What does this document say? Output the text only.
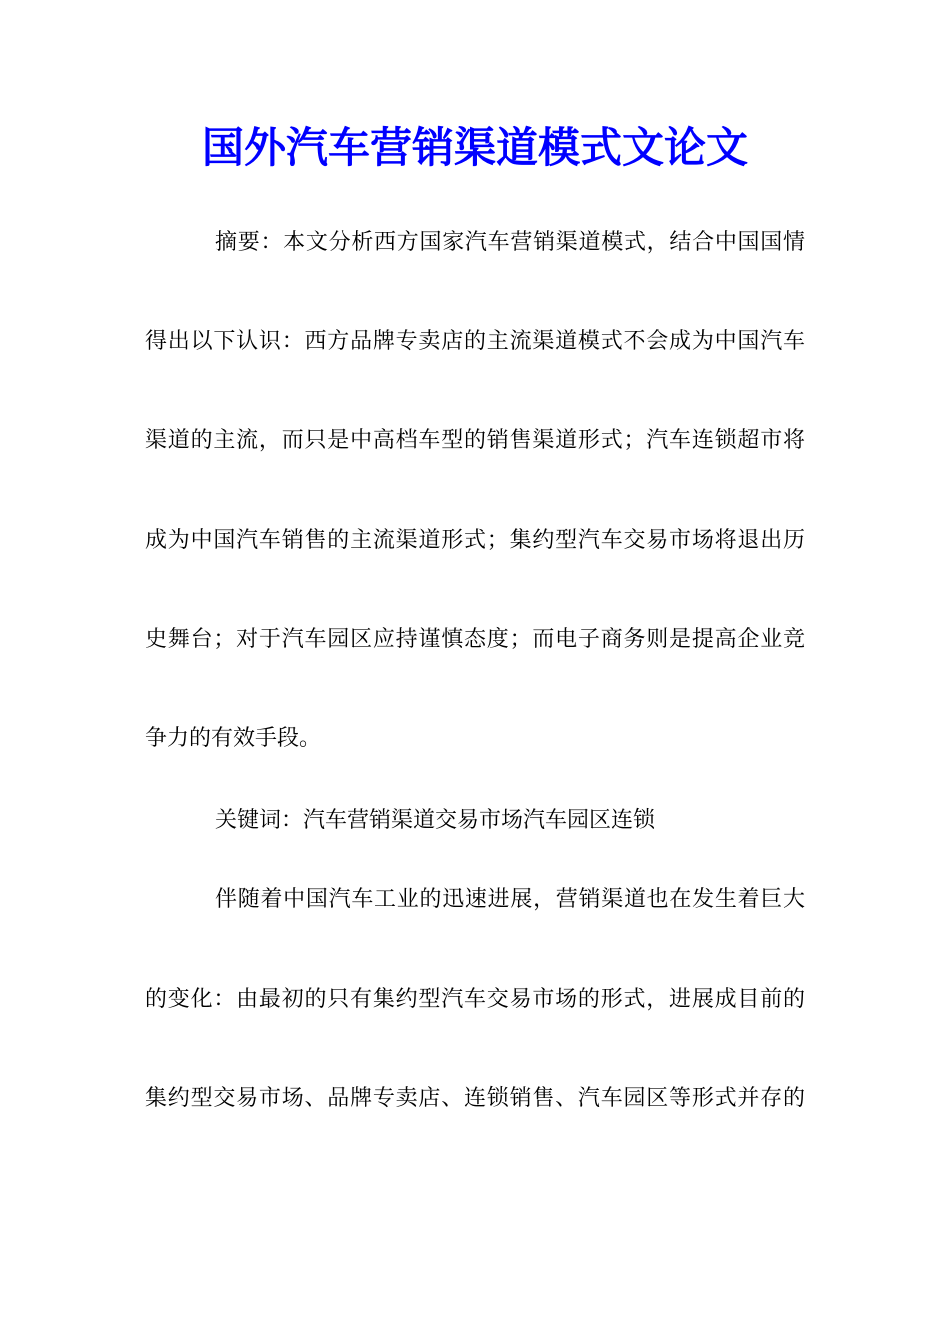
国外汽车营销渠道模式文论文

摘要：本文分析西方国家汽车营销渠道模式，结合中国国情

得出以下认识：西方品牌专卖店的主流渠道模式不会成为中国汽车

渠道的主流，而只是中高档车型的销售渠道形式；汽车连锁超市将

成为中国汽车销售的主流渠道形式；集约型汽车交易市场将退出历

史舞台；对于汽车园区应持谨慎态度；而电子商务则是提高企业竞

争力的有效手段。

关键词：汽车营销渠道交易市场汽车园区连锁

伴随着中国汽车工业的迅速进展，营销渠道也在发生着巨大

的变化：由最初的只有集约型汽车交易市场的形式，进展成目前的

集约型交易市场、品牌专卖店、连锁销售、汽车园区等形式并存的
